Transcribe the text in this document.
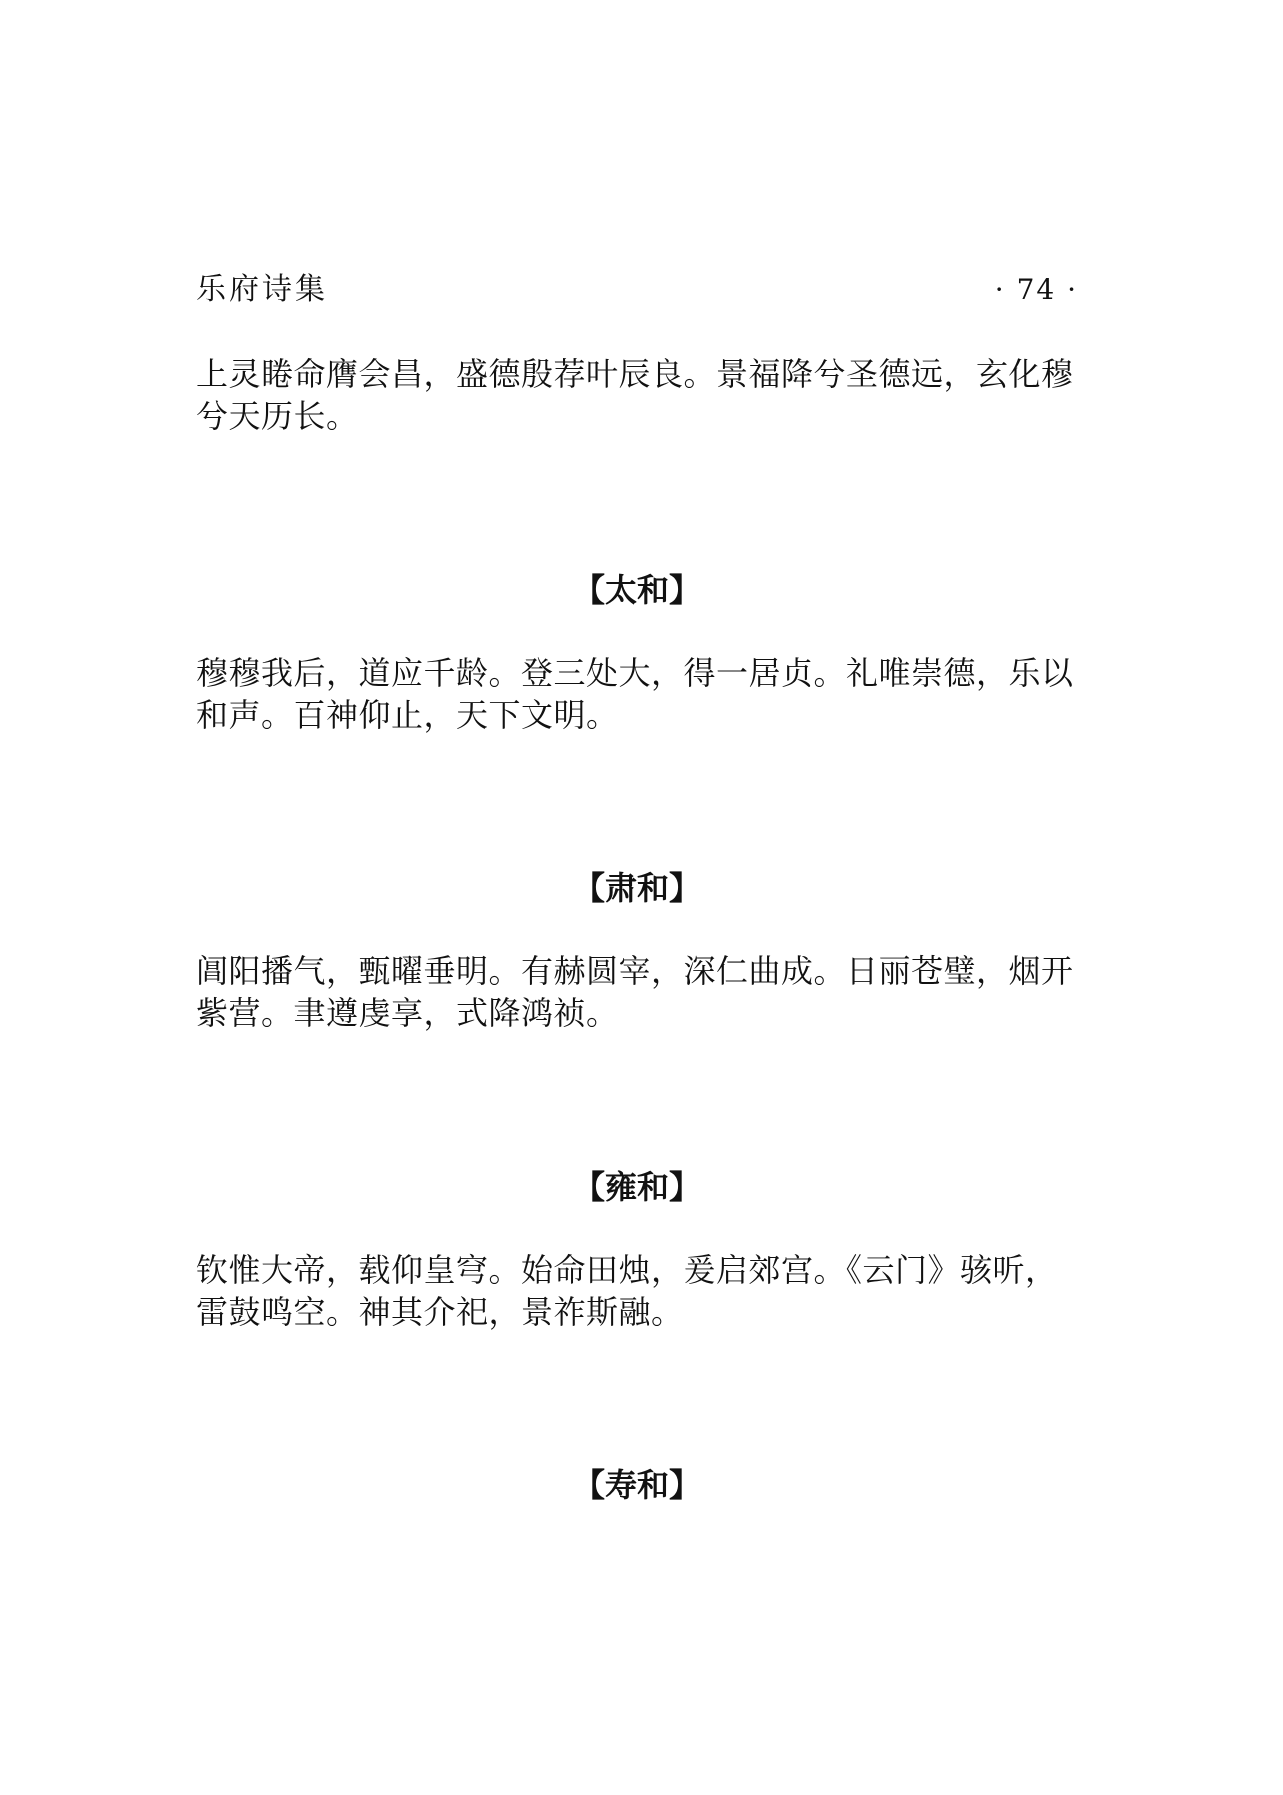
乐府诗集	· 74 ·
上灵睠命膺会昌，盛德殷荐叶辰良。景福降兮圣德远，玄化穆
兮天历长。
【太和】
穆穆我后，道应千龄。登三处大，得一居贞。礼唯崇德，乐以
和声。百神仰止，天下文明。
【肃和】
阊阳播气，甄曜垂明。有赫圆宰，深仁曲成。日丽苍璧，烟开
紫营。聿遵虔享，式降鸿祯。
【雍和】
钦惟大帝，载仰皇穹。始命田烛，爰启郊宫。《云门》骇听，
雷鼓鸣空。神其介祀，景祚斯融。
【寿和】
